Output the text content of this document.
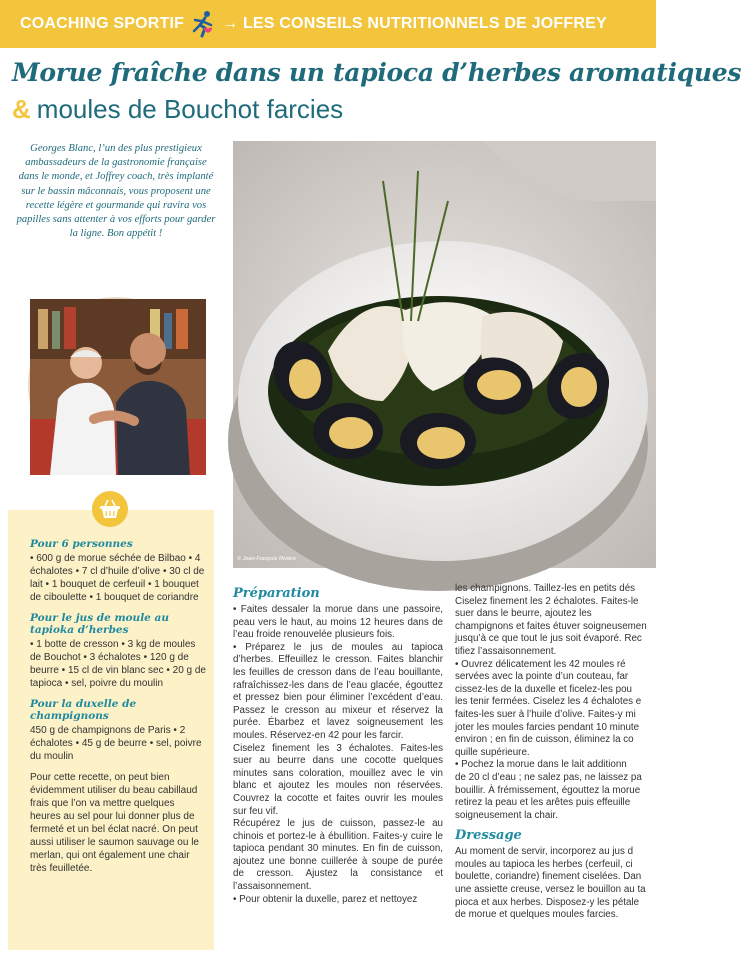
COACHING SPORTIF → LES CONSEILS NUTRITIONNELS DE JOFFREY
Morue fraîche dans un tapioca d’herbes aromatiques
& moules de Bouchot farcies
Georges Blanc, l’un des plus prestigieux ambassadeurs de la gastronomie française dans le monde, et Joffrey coach, très implanté sur le bassin mâconnais, vous proposent une recette légère et gourmande qui ravira vos papilles sans attenter à vos efforts pour garder la ligne. Bon appétit !
© Jean-François Rivière
Pour 6 personnes
• 600 g de morue séchée de Bilbao • 4 échalotes • 7 cl d’huile d’olive • 30 cl de lait • 1 bouquet de cerfeuil • 1 bouquet de ciboulette • 1 bouquet de coriandre
Pour le jus de moule au tapioka d’herbes
• 1 botte de cresson • 3 kg de moules de Bouchot • 3 échalotes • 120 g de beurre • 15 cl de vin blanc sec • 20 g de tapioca • sel, poivre du moulin
Pour la duxelle de champignons
450 g de champignons de Paris • 2 échalotes • 45 g de beurre • sel, poivre du moulin
Pour cette recette, on peut bien évidemment utiliser du beau cabillaud frais que l’on va mettre quelques heures au sel pour lui donner plus de fermeté et un bel éclat nacré. On peut aussi utiliser le saumon sauvage ou le merlan, qui ont également une chair très feuilletée.
Préparation
• Faites dessaler la morue dans une passoire, peau vers le haut, au moins 12 heures dans de l’eau froide renouvelée plusieurs fois.
• Préparez le jus de moules au tapioca d’herbes. Effeuillez le cresson. Faites blanchir les feuilles de cresson dans de l’eau bouillante, rafraîchissez-les dans de l’eau glacée, égouttez et pressez bien pour éliminer l’excédent d’eau. Passez le cresson au mixeur et réservez la purée. Ébarbez et lavez soigneusement les moules. Réservez-en 42 pour les farcir.
Ciselez finement les 3 échalotes. Faites-les suer au beurre dans une cocotte quelques minutes sans coloration, mouillez avec le vin blanc et ajoutez les moules non réservées. Couvrez la cocotte et faites ouvrir les moules sur feu vif.
Récupérez le jus de cuisson, passez-le au chinois et portez-le à ébullition. Faites-y cuire le tapioca pendant 30 minutes. En fin de cuisson, ajoutez une bonne cuillerée à soupe de purée de cresson. Ajustez la consistance et l’assaisonnement.
• Pour obtenir la duxelle, parez et nettoyez
les champignons. Taillez-les en petits dés
Ciselez finement les 2 échalotes. Faites-le
suer dans le beurre, ajoutez les
champignons et faites étuver soigneusemen
jusqu’à ce que tout le jus soit évaporé. Rec
tifiez l’assaisonnement.
• Ouvrez délicatement les 42 moules ré
servées avec la pointe d’un couteau, far
cissez-les de la duxelle et ficelez-les pou
les tenir fermées. Ciselez les 4 échalotes e
faites-les suer à l’huile d’olive. Faites-y mi
joter les moules farcies pendant 10 minute
environ ; en fin de cuisson, éliminez la co
quille supérieure.
• Pochez la morue dans le lait additionn
de 20 cl d’eau ; ne salez pas, ne laissez pa
bouillir. À frémissement, égouttez la morue
retirez la peau et les arêtes puis effeuille
soigneusement la chair.
Dressage
Au moment de servir, incorporez au jus d
moules au tapioca les herbes (cerfeuil, ci
boulette, coriandre) finement ciselées. Dan
une assiette creuse, versez le bouillon au ta
pioca et aux herbes. Disposez-y les pétale
de morue et quelques moules farcies.
